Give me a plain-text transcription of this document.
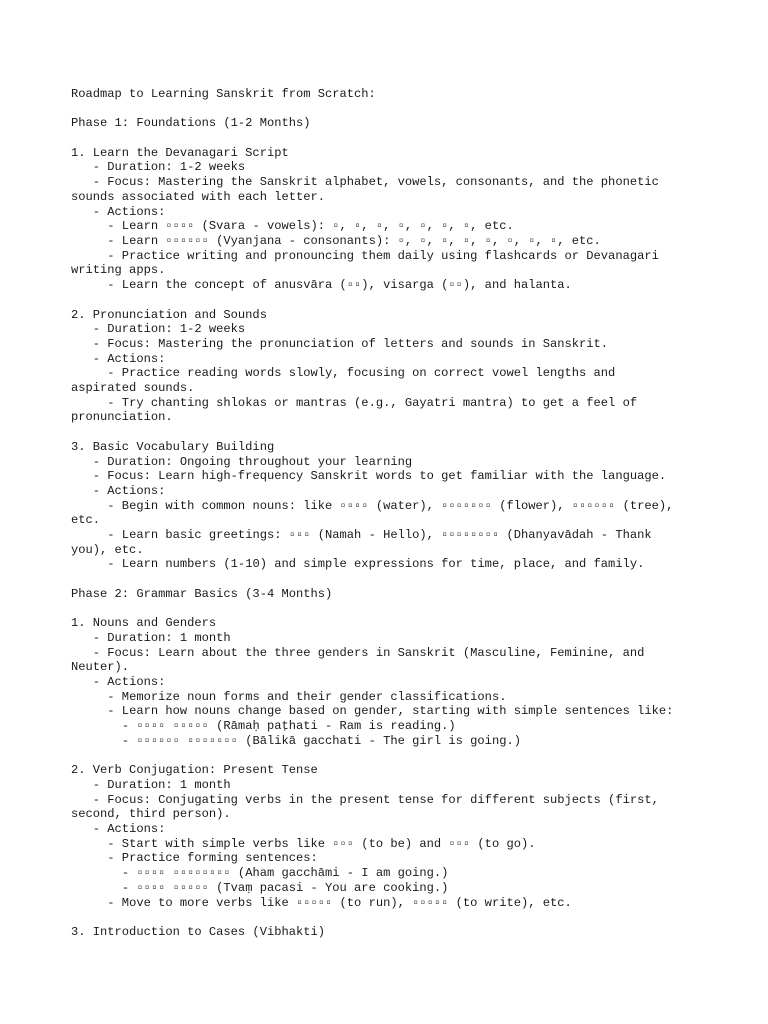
Roadmap to Learning Sanskrit from Scratch:
Phase 1: Foundations (1-2 Months)
1. Learn the Devanagari Script
- Duration: 1-2 weeks
- Focus: Mastering the Sanskrit alphabet, vowels, consonants, and the phonetic
sounds associated with each letter.
- Actions:
- Learn ▫▫▫▫ (Svara - vowels): ▫, ▫, ▫, ▫, ▫, ▫, ▫, etc.
- Learn ▫▫▫▫▫▫ (Vyanjana - consonants): ▫, ▫, ▫, ▫, ▫, ▫, ▫, ▫, etc.
- Practice writing and pronouncing them daily using flashcards or Devanagari
writing apps.
- Learn the concept of anusvāra (▫▫), visarga (▫▫), and halanta.
2. Pronunciation and Sounds
- Duration: 1-2 weeks
- Focus: Mastering the pronunciation of letters and sounds in Sanskrit.
- Actions:
- Practice reading words slowly, focusing on correct vowel lengths and
aspirated sounds.
- Try chanting shlokas or mantras (e.g., Gayatri mantra) to get a feel of
pronunciation.
3. Basic Vocabulary Building
- Duration: Ongoing throughout your learning
- Focus: Learn high-frequency Sanskrit words to get familiar with the language.
- Actions:
- Begin with common nouns: like ▫▫▫▫ (water), ▫▫▫▫▫▫▫ (flower), ▫▫▫▫▫▫ (tree),
etc.
- Learn basic greetings: ▫▫▫ (Namah - Hello), ▫▫▫▫▫▫▫▫ (Dhanyavādah - Thank
you), etc.
- Learn numbers (1-10) and simple expressions for time, place, and family.
Phase 2: Grammar Basics (3-4 Months)
1. Nouns and Genders
- Duration: 1 month
- Focus: Learn about the three genders in Sanskrit (Masculine, Feminine, and
Neuter).
- Actions:
- Memorize noun forms and their gender classifications.
- Learn how nouns change based on gender, starting with simple sentences like:
- ▫▫▫▫ ▫▫▫▫▫ (Rāmaḥ paṭhati - Ram is reading.)
- ▫▫▫▫▫▫ ▫▫▫▫▫▫▫ (Bālikā gacchati - The girl is going.)
2. Verb Conjugation: Present Tense
- Duration: 1 month
- Focus: Conjugating verbs in the present tense for different subjects (first,
second, third person).
- Actions:
- Start with simple verbs like ▫▫▫ (to be) and ▫▫▫ (to go).
- Practice forming sentences:
- ▫▫▫▫ ▫▫▫▫▫▫▫▫ (Aham gacchāmi - I am going.)
- ▫▫▫▫ ▫▫▫▫▫ (Tvaṃ pacasi - You are cooking.)
- Move to more verbs like ▫▫▫▫▫ (to run), ▫▫▫▫▫ (to write), etc.
3. Introduction to Cases (Vibhakti)
